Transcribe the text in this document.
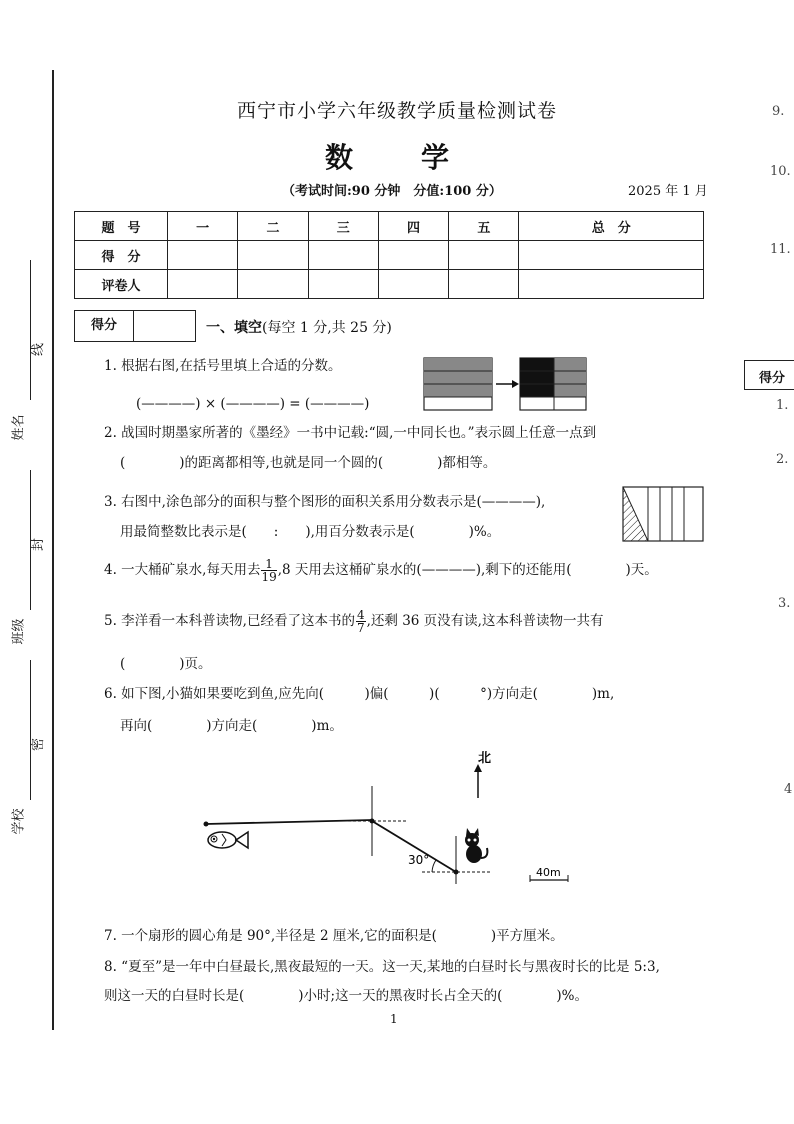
线
封
密
姓名
班级
学校
西宁市小学六年级教学质量检测试卷
数　学
（考试时间:90 分钟　分值:100 分）	2025 年 1 月
题　号	一	二	三	四	五	总　分
得　分						
评卷人						
得分	一、填空(每空 1 分,共 25 分)
1. 根据右图,在括号里填上合适的分数。
(————) × (————) = (————)
2. 战国时期墨家所著的《墨经》一书中记载:“圆,一中同长也。”表示圆上任意一点到
(　　　　)的距离都相等,也就是同一个圆的(　　　　)都相等。
3. 右图中,涂色部分的面积与整个图形的面积关系用分数表示是(————),
用最简整数比表示是(　　:　　),用百分数表示是(　　　　)%。
4. 一大桶矿泉水,每天用去 $\frac{1}{19} ,8$ 天用去这桶矿泉水的(————),剩下的还能用(　　　　)天。
5. 李洋看一本科普读物,已经看了这本书的 $\frac{4}{7}$ ,还剩 36 页没有读,这本科普读物一共有
(　　　　)页。
6. 如下图,小猫如果要吃到鱼,应先向(　　　)偏(　　　)(　　　°)方向走(　　　　)m,
再向(　　　　)方向走(　　　　)m。
北
30°
40m
7. 一个扇形的圆心角是 90°,半径是 2 厘米,它的面积是(　　　　)平方厘米。
8. “夏至”是一年中白昼最长,黑夜最短的一天。这一天,某地的白昼时长与黑夜时长的比是 5:3,
则这一天的白昼时长是(　　　　)小时;这一天的黑夜时长占全天的(　　　　)%。
1
9.
10.
11.
得分
1.
2.
3.
4
